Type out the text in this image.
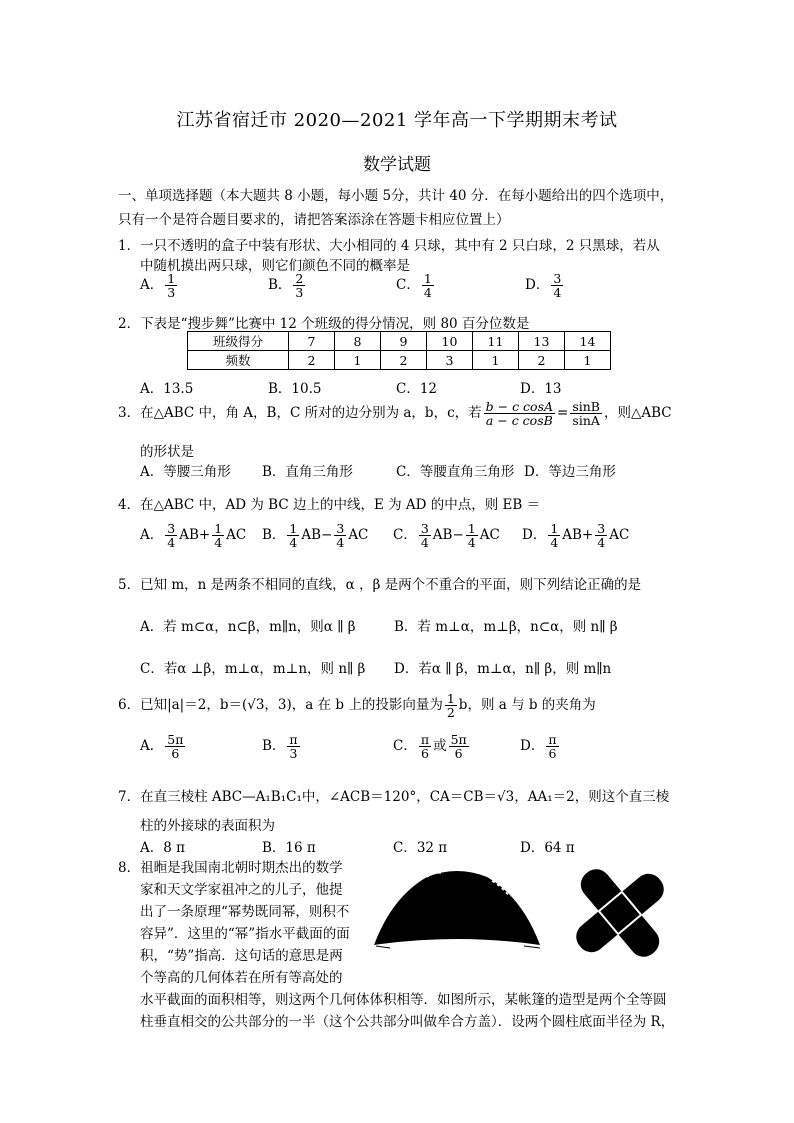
江苏省宿迁市 2020—2021 学年高一下学期期末考试
数学试题
一、单项选择题（本大题共 8 小题，每小题 5分，共计 40 分．在每小题给出的四个选项中，
只有一个是符合题目要求的，请把答案添涂在答题卡相应位置上）
1．一只不透明的盒子中装有形状、大小相同的 4 只球，其中有 2 只白球，2 只黑球，若从
中随机摸出两只球，则它们颜色不同的概率是
A． $\frac{1}{3}$	B． $\frac{2}{3}$	C． $\frac{1}{4}$	D． $\frac{3}{4}$
2．下表是“搜步舞”比赛中 12 个班级的得分情况，则 80 百分位数是
班级得分	7	8	9	10	11	13	14
频数	2	1	2	3	1	2	1
A．13.5	B．10.5	C．12	D．13
3．在△ABC 中，角 A，B，C 所对的边分别为 a，b，c，若 $\frac{\text{b − c cosA}}{\text{a − c cosB}} = \frac{\sin B}{\sin A}$ ，则△ABC
的形状是
A．等腰三角形 B．直角三角形	C．等腰直角三角形 D．等边三角形
4．在△ABC 中，AD 为 BC 边上的中线，E 为 AD 的中点，则 EB ＝
A． $\frac{3}{4} AB+ \frac{1}{4}$ AC B． $\frac{1}{4} AB- \frac{3}{4}$ AC C． $\frac{3}{4} AB- \frac{1}{4}$ AC D． $\frac{1}{4} AB+ \frac{3}{4}$ AC
5．已知 m，n 是两条不相同的直线，α ，β 是两个不重合的平面，则下列结论正确的是
A．若 m⊂α，n⊂β，m∥n，则α ∥ β	B．若 m⊥α，m⊥β，n⊂α，则 n∥ β
C．若α ⊥β，m⊥α，m⊥n，则 n∥ β D．若α ∥ β，m⊥α，n∥ β，则 m∥n
6．已知|a|＝2，b＝(√3，3)，a 在 b 上的投影向量为 $\frac{1}{2}$ b，则 a 与 b 的夹角为
A． $\frac{5\pi}{6}$	B． $\frac{\pi}{3}$	C． $\frac{\pi}{6}$ 或 $\frac{5\pi}{6}$	D． $\frac{\pi}{6}$
7．在直三棱柱 ABC—A₁B₁C₁中，∠ACB＝120°，CA＝CB＝√3，AA₁＝2，则这个直三棱
柱的外接球的表面积为
A．8 π	B．16 π	C．32 π	D．64 π
8．祖暅是我国南北朝时期杰出的数学
家和天文学家祖冲之的儿子，他提
出了一条原理“幂势既同幂，则积不
容异”．这里的“幂”指水平截面的面
积，“势”指高．这句话的意思是两
个等高的几何体若在所有等高处的
水平截面的面积相等，则这两个几何体体积相等．如图所示，某帐篷的造型是两个全等圆
柱垂直相交的公共部分的一半（这个公共部分叫做牟合方盖）．设两个圆柱底面半径为 R，
